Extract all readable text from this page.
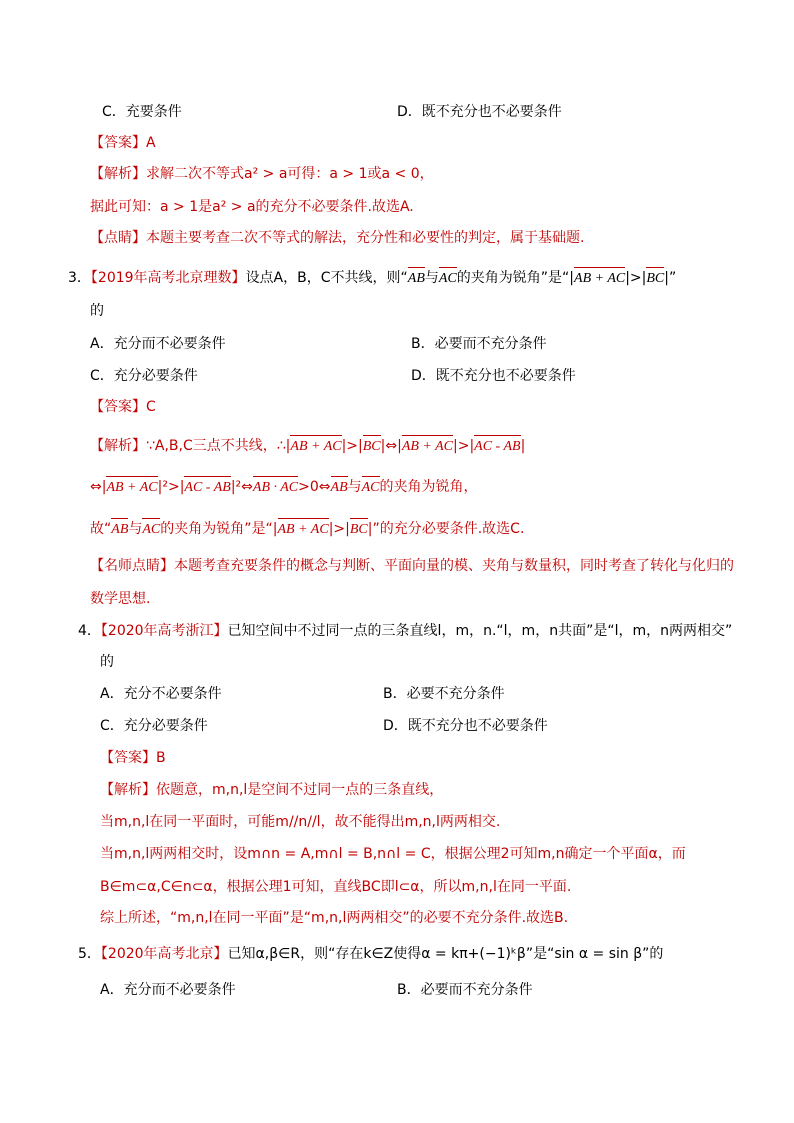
C．充要条件	D．既不充分也不必要条件
【答案】A
【解析】求解二次不等式a² > a可得：a > 1或a < 0，
据此可知：a > 1是a² > a的充分不必要条件.故选A.
【点睛】本题主要考查二次不等式的解法，充分性和必要性的判定，属于基础题.
3．【2019年高考北京理数】设点A，B，C不共线，则“AB与AC的夹角为锐角”是“|AB + AC|>|BC|”
的
A．充分而不必要条件	B．必要而不充分条件
C．充分必要条件	D．既不充分也不必要条件
【答案】C
【解析】∵A,B,C三点不共线，∴|AB + AC|>|BC|⇔|AB + AC|>|AC - AB|
⇔|AB + AC|²>|AC - AB|²⇔AB · AC>0⇔AB与AC的夹角为锐角，
故“AB与AC的夹角为锐角”是“|AB + AC|>|BC|”的充分必要条件.故选C.
【名师点睛】本题考查充要条件的概念与判断、平面向量的模、夹角与数量积，同时考查了转化与化归的
数学思想.
4．【2020年高考浙江】已知空间中不过同一点的三条直线l，m，n.“l，m，n共面”是“l，m，n两两相交”
的
A．充分不必要条件	B．必要不充分条件
C．充分必要条件	D．既不充分也不必要条件
【答案】B
【解析】依题意，m,n,l是空间不过同一点的三条直线，
当m,n,l在同一平面时，可能m//n//l，故不能得出m,n,l两两相交.
当m,n,l两两相交时，设m∩n = A,m∩l = B,n∩l = C，根据公理2可知m,n确定一个平面α，而
B∈m⊂α,C∈n⊂α，根据公理1可知，直线BC即l⊂α，所以m,n,l在同一平面.
综上所述，“m,n,l在同一平面”是“m,n,l两两相交”的必要不充分条件.故选B.
5．【2020年高考北京】已知α,β∈R，则“存在k∈Z使得α = kπ+(−1)ᵏβ”是“sin α = sin β”的
A．充分而不必要条件	B．必要而不充分条件
